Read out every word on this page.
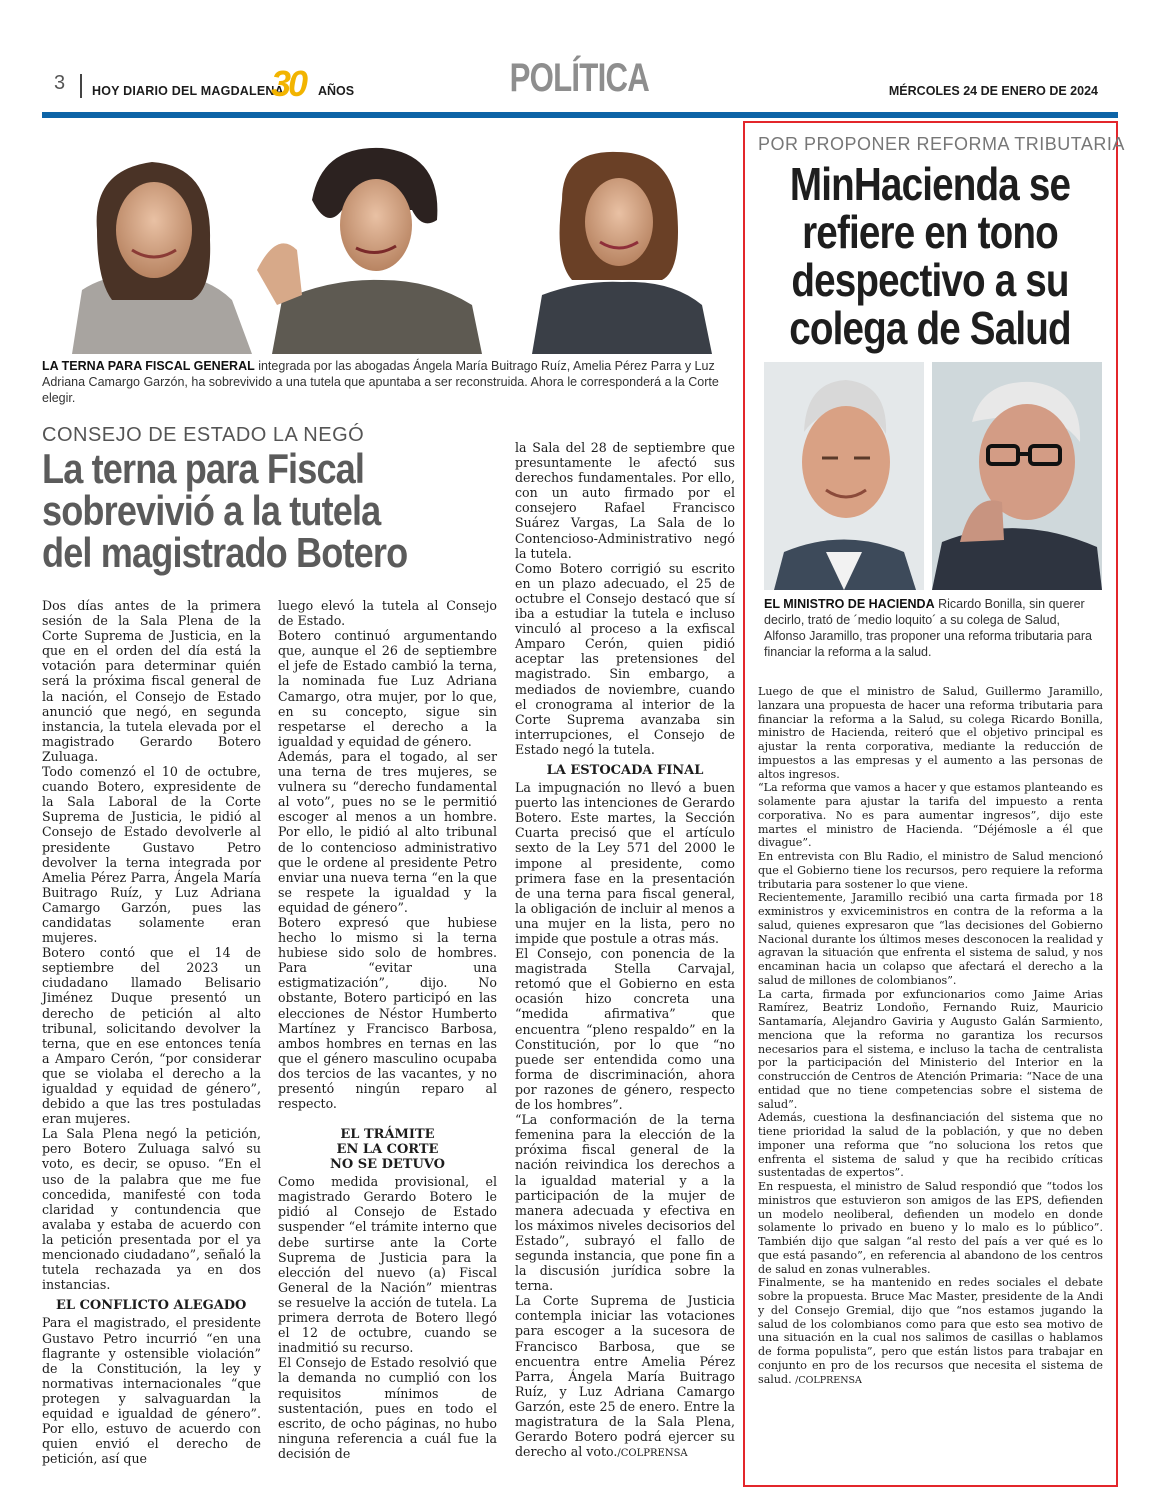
3 HOY DIARIO DEL MAGDALENA
30 AÑOS	POLÍTICA	MÉRCOLES 24 DE ENERO DE 2024
LA TERNA PARA FISCAL GENERAL integrada por las abogadas Ángela María Buitrago Ruíz, Amelia Pérez Parra y Luz Adriana Camargo Garzón, ha sobrevivido a una tutela que apuntaba a ser reconstruida. Ahora le corresponderá a la Corte elegir.
CONSEJO DE ESTADO LA NEGÓ
La terna para Fiscal
sobrevivió a la tutela
del magistrado Botero

Dos días antes de la primera sesión de la Sala Plena de la Corte Suprema de Justicia, en la que en el orden del día está la votación para determinar quién será la próxima fiscal general de la nación, el Consejo de Estado anunció que negó, en segunda instancia, la tutela elevada por el magistrado Gerardo Botero Zuluaga.

Todo comenzó el 10 de octubre, cuando Botero, expresidente de la Sala Laboral de la Corte Suprema de Justicia, le pidió al Consejo de Estado devolverle al presidente Gustavo Petro devolver la terna integrada por Amelia Pérez Parra, Ángela María Buitrago Ruíz, y Luz Adriana Camargo Garzón, pues las candidatas solamente eran mujeres.

Botero contó que el 14 de septiembre del 2023 un ciudadano llamado Belisario Jiménez Duque presentó un derecho de petición al alto tribunal, solicitando devolver la terna, que en ese entonces tenía a Amparo Cerón, “por considerar que se violaba el derecho a la igualdad y equidad de género”, debido a que las tres postuladas eran mujeres.

La Sala Plena negó la petición, pero Botero Zuluaga salvó su voto, es decir, se opuso. “En el uso de la palabra que me fue concedida, manifesté con toda claridad y contundencia que avalaba y estaba de acuerdo con la petición presentada por el ya mencionado ciudadano”, señaló la tutela rechazada ya en dos instancias.

EL CONFLICTO ALEGADO

Para el magistrado, el presidente Gustavo Petro incurrió “en una flagrante y ostensible violación” de la Constitución, la ley y normativas internacionales “que protegen y salvaguardan la equidad e igualdad de género”. Por ello, estuvo de acuerdo con quien envió el derecho de petición, así que

luego elevó la tutela al Consejo de Estado.

Botero continuó argumentando que, aunque el 26 de septiembre el jefe de Estado cambió la terna, la nominada fue Luz Adriana Camargo, otra mujer, por lo que, en su concepto, sigue sin respetarse el derecho a la igualdad y equidad de género.

Además, para el togado, al ser una terna de tres mujeres, se vulnera su “derecho fundamental al voto”, pues no se le permitió escoger al menos a un hombre. Por ello, le pidió al alto tribunal de lo contencioso administrativo que le ordene al presidente Petro enviar una nueva terna “en la que se respete la igualdad y la equidad de género”.

Botero expresó que hubiese hecho lo mismo si la terna hubiese sido solo de hombres. Para “evitar una estigmatización”, dijo. No obstante, Botero participó en las elecciones de Néstor Humberto Martínez y Francisco Barbosa, ambos hombres en ternas en las que el género masculino ocupaba dos tercios de las vacantes, y no presentó ningún reparo al respecto.

EL TRÁMITE
EN LA CORTE
NO SE DETUVO

Como medida provisional, el magistrado Gerardo Botero le pidió al Consejo de Estado suspender “el trámite interno que debe surtirse ante la Corte Suprema de Justicia para la elección del nuevo (a) Fiscal General de la Nación” mientras se resuelve la acción de tutela. La primera derrota de Botero llegó el 12 de octubre, cuando se inadmitió su recurso.

El Consejo de Estado resolvió que la demanda no cumplió con los requisitos mínimos de sustentación, pues en todo el escrito, de ocho páginas, no hubo ninguna referencia a cuál fue la decisión de

la Sala del 28 de septiembre que presuntamente le afectó sus derechos fundamentales. Por ello, con un auto firmado por el consejero Rafael Francisco Suárez Vargas, La Sala de lo Contencioso-Administrativo negó la tutela.

Como Botero corrigió su escrito en un plazo adecuado, el 25 de octubre el Consejo destacó que sí iba a estudiar la tutela e incluso vinculó al proceso a la exfiscal Amparo Cerón, quien pidió aceptar las pretensiones del magistrado. Sin embargo, a mediados de noviembre, cuando el cronograma al interior de la Corte Suprema avanzaba sin interrupciones, el Consejo de Estado negó la tutela.

LA ESTOCADA FINAL

La impugnación no llevó a buen puerto las intenciones de Gerardo Botero. Este martes, la Sección Cuarta precisó que el artículo sexto de la Ley 571 del 2000 le impone al presidente, como primera fase en la presentación de una terna para fiscal general, la obligación de incluir al menos a una mujer en la lista, pero no impide que postule a otras más.

El Consejo, con ponencia de la magistrada Stella Carvajal, retomó que el Gobierno en esta ocasión hizo concreta una “medida afirmativa” que encuentra “pleno respaldo” en la Constitución, por lo que “no puede ser entendida como una forma de discriminación, ahora por razones de género, respecto de los hombres”.

“La conformación de la terna femenina para la elección de la próxima fiscal general de la nación reivindica los derechos a la igualdad material y a la participación de la mujer de manera adecuada y efectiva en los máximos niveles decisorios del Estado”, subrayó el fallo de segunda instancia, que pone fin a la discusión jurídica sobre la terna.

La Corte Suprema de Justicia contempla iniciar las votaciones para escoger a la sucesora de Francisco Barbosa, que se encuentra entre Amelia Pérez Parra, Ángela María Buitrago Ruíz, y Luz Adriana Camargo Garzón, este 25 de enero. Entre la magistratura de la Sala Plena, Gerardo Botero podrá ejercer su derecho al voto./COLPRENSA

POR PROPONER REFORMA TRIBUTARIA
MinHacienda se
refiere en tono
despectivo a su
colega de Salud
EL MINISTRO DE HACIENDA Ricardo Bonilla, sin querer decirlo, trató de ´medio loquito´ a su colega de Salud, Alfonso Jaramillo, tras proponer una reforma tributaria para financiar la reforma a la salud.

Luego de que el ministro de Salud, Guillermo Jaramillo, lanzara una propuesta de hacer una reforma tributaria para financiar la reforma a la Salud, su colega Ricardo Bonilla, ministro de Hacienda, reiteró que el objetivo principal es ajustar la renta corporativa, mediante la reducción de impuestos a las empresas y el aumento a las personas de altos ingresos.

“La reforma que vamos a hacer y que estamos planteando es solamente para ajustar la tarifa del impuesto a renta corporativa. No es para aumentar ingresos”, dijo este martes el ministro de Hacienda. “Déjémosle a él que divague”.

En entrevista con Blu Radio, el ministro de Salud mencionó que el Gobierno tiene los recursos, pero requiere la reforma tributaria para sostener lo que viene.

Recientemente, Jaramillo recibió una carta firmada por 18 exministros y exviceministros en contra de la reforma a la salud, quienes expresaron que “las decisiones del Gobierno Nacional durante los últimos meses desconocen la realidad y agravan la situación que enfrenta el sistema de salud, y nos encaminan hacia un colapso que afectará el derecho a la salud de millones de colombianos”.

La carta, firmada por exfuncionarios como Jaime Arias Ramírez, Beatriz Londoño, Fernando Ruiz, Mauricio Santamaría, Alejandro Gaviria y Augusto Galán Sarmiento, menciona que la reforma no garantiza los recursos necesarios para el sistema, e incluso la tacha de centralista por la participación del Ministerio del Interior en la construcción de Centros de Atención Primaria: “Nace de una entidad que no tiene competencias sobre el sistema de salud”.

Además, cuestiona la desfinanciación del sistema que no tiene prioridad la salud de la población, y que no deben imponer una reforma que “no soluciona los retos que enfrenta el sistema de salud y que ha recibido críticas sustentadas de expertos”.

En respuesta, el ministro de Salud respondió que “todos los ministros que estuvieron son amigos de las EPS, defienden un modelo neoliberal, defienden un modelo en donde solamente lo privado en bueno y lo malo es lo público”. También dijo que salgan “al resto del país a ver qué es lo que está pasando”, en referencia al abandono de los centros de salud en zonas vulnerables.

Finalmente, se ha mantenido en redes sociales el debate sobre la propuesta. Bruce Mac Master, presidente de la Andi y del Consejo Gremial, dijo que “nos estamos jugando la salud de los colombianos como para que esto sea motivo de una situación en la cual nos salimos de casillas o hablamos de forma populista”, pero que están listos para trabajar en conjunto en pro de los recursos que necesita el sistema de salud. /COLPRENSA
